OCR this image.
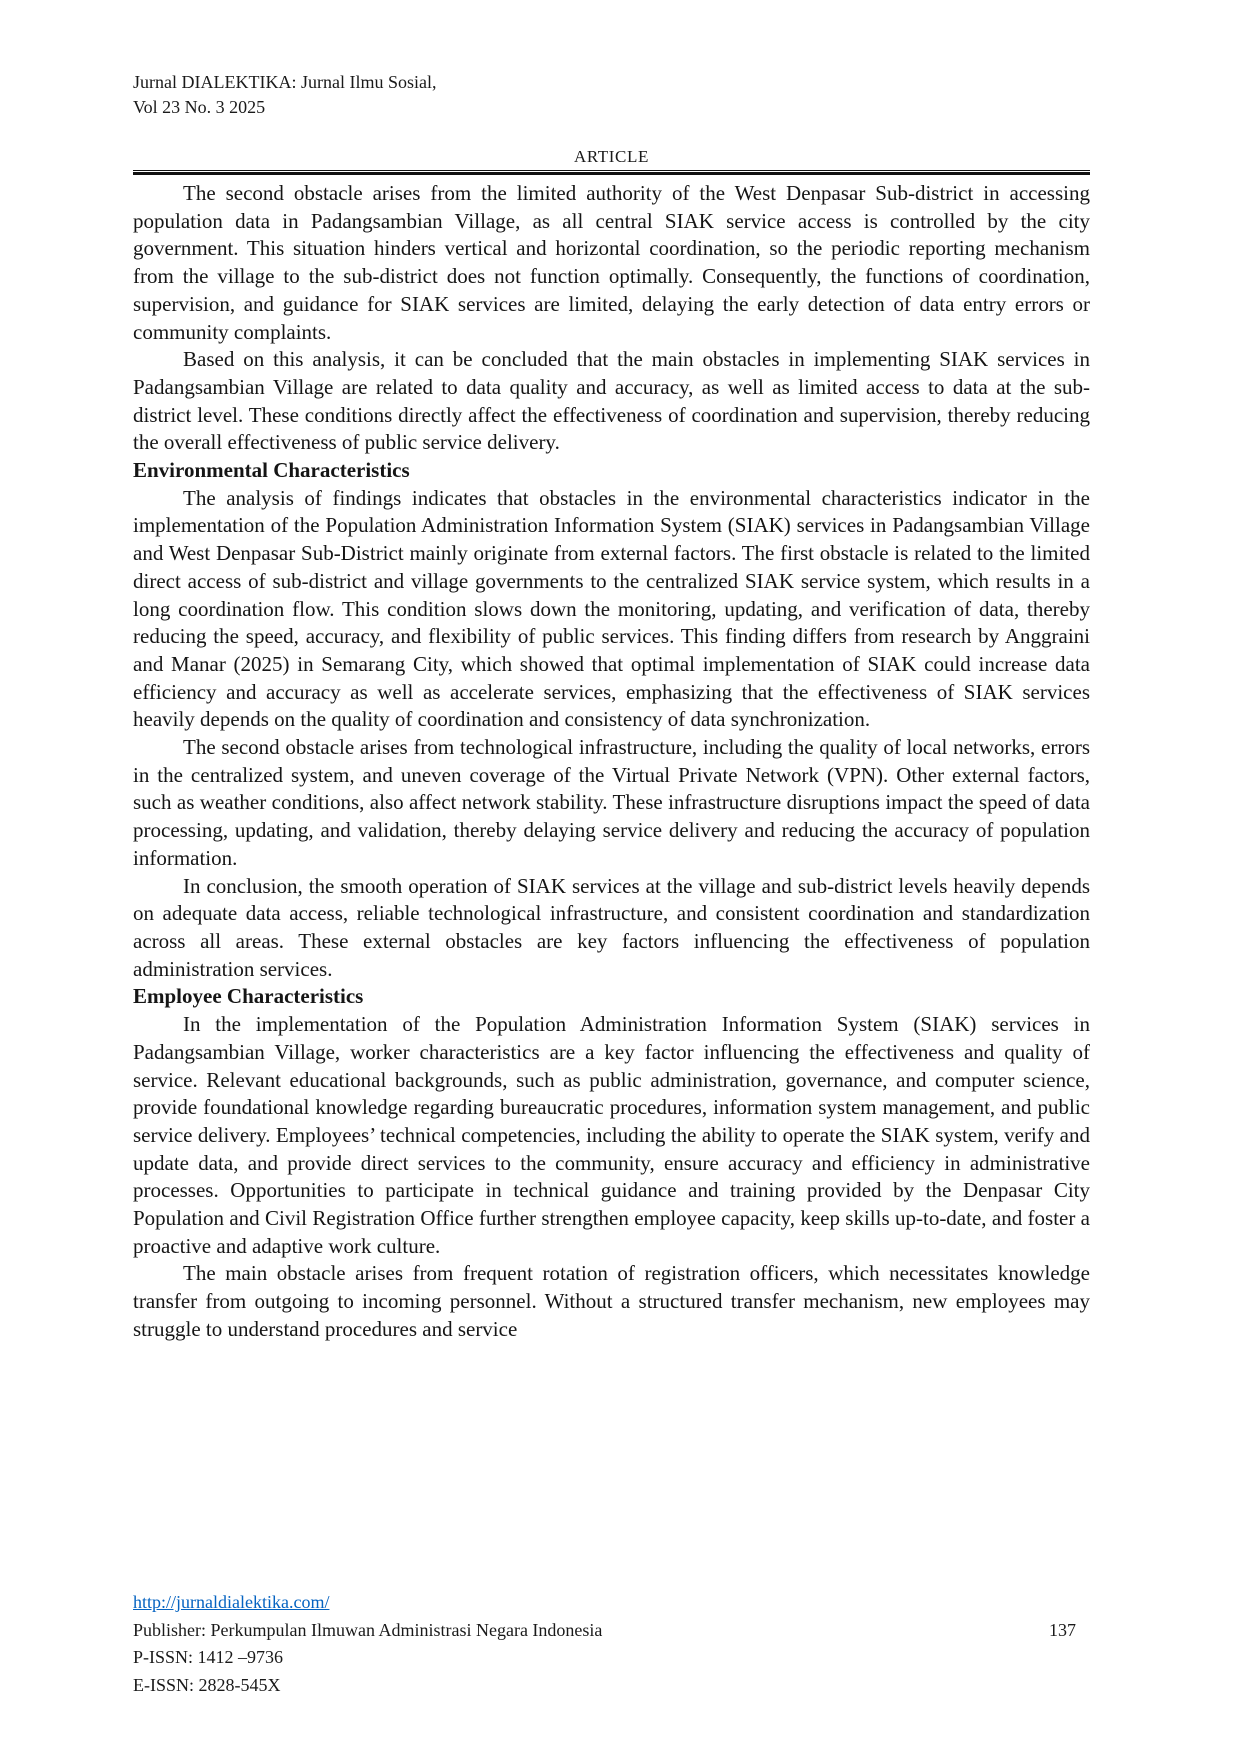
Jurnal DIALEKTIKA: Jurnal Ilmu Sosial,
Vol 23 No. 3 2025
ARTICLE

The second obstacle arises from the limited authority of the West Denpasar Sub-district in accessing population data in Padangsambian Village, as all central SIAK service access is controlled by the city government. This situation hinders vertical and horizontal coordination, so the periodic reporting mechanism from the village to the sub-district does not function optimally. Consequently, the functions of coordination, supervision, and guidance for SIAK services are limited, delaying the early detection of data entry errors or community complaints.

Based on this analysis, it can be concluded that the main obstacles in implementing SIAK services in Padangsambian Village are related to data quality and accuracy, as well as limited access to data at the sub-district level. These conditions directly affect the effectiveness of coordination and supervision, thereby reducing the overall effectiveness of public service delivery.

Environmental Characteristics

The analysis of findings indicates that obstacles in the environmental characteristics indicator in the implementation of the Population Administration Information System (SIAK) services in Padangsambian Village and West Denpasar Sub-District mainly originate from external factors. The first obstacle is related to the limited direct access of sub-district and village governments to the centralized SIAK service system, which results in a long coordination flow. This condition slows down the monitoring, updating, and verification of data, thereby reducing the speed, accuracy, and flexibility of public services. This finding differs from research by Anggraini and Manar (2025) in Semarang City, which showed that optimal implementation of SIAK could increase data efficiency and accuracy as well as accelerate services, emphasizing that the effectiveness of SIAK services heavily depends on the quality of coordination and consistency of data synchronization.

The second obstacle arises from technological infrastructure, including the quality of local networks, errors in the centralized system, and uneven coverage of the Virtual Private Network (VPN). Other external factors, such as weather conditions, also affect network stability. These infrastructure disruptions impact the speed of data processing, updating, and validation, thereby delaying service delivery and reducing the accuracy of population information.

In conclusion, the smooth operation of SIAK services at the village and sub-district levels heavily depends on adequate data access, reliable technological infrastructure, and consistent coordination and standardization across all areas. These external obstacles are key factors influencing the effectiveness of population administration services.

Employee Characteristics

In the implementation of the Population Administration Information System (SIAK) services in Padangsambian Village, worker characteristics are a key factor influencing the effectiveness and quality of service. Relevant educational backgrounds, such as public administration, governance, and computer science, provide foundational knowledge regarding bureaucratic procedures, information system management, and public service delivery. Employees’ technical competencies, including the ability to operate the SIAK system, verify and update data, and provide direct services to the community, ensure accuracy and efficiency in administrative processes. Opportunities to participate in technical guidance and training provided by the Denpasar City Population and Civil Registration Office further strengthen employee capacity, keep skills up-to-date, and foster a proactive and adaptive work culture.

The main obstacle arises from frequent rotation of registration officers, which necessitates knowledge transfer from outgoing to incoming personnel. Without a structured transfer mechanism, new employees may struggle to understand procedures and service

http://jurnaldialektika.com/
Publisher: Perkumpulan Ilmuwan Administrasi Negara Indonesia	137
P-ISSN: 1412 –9736
E-ISSN: 2828-545X
